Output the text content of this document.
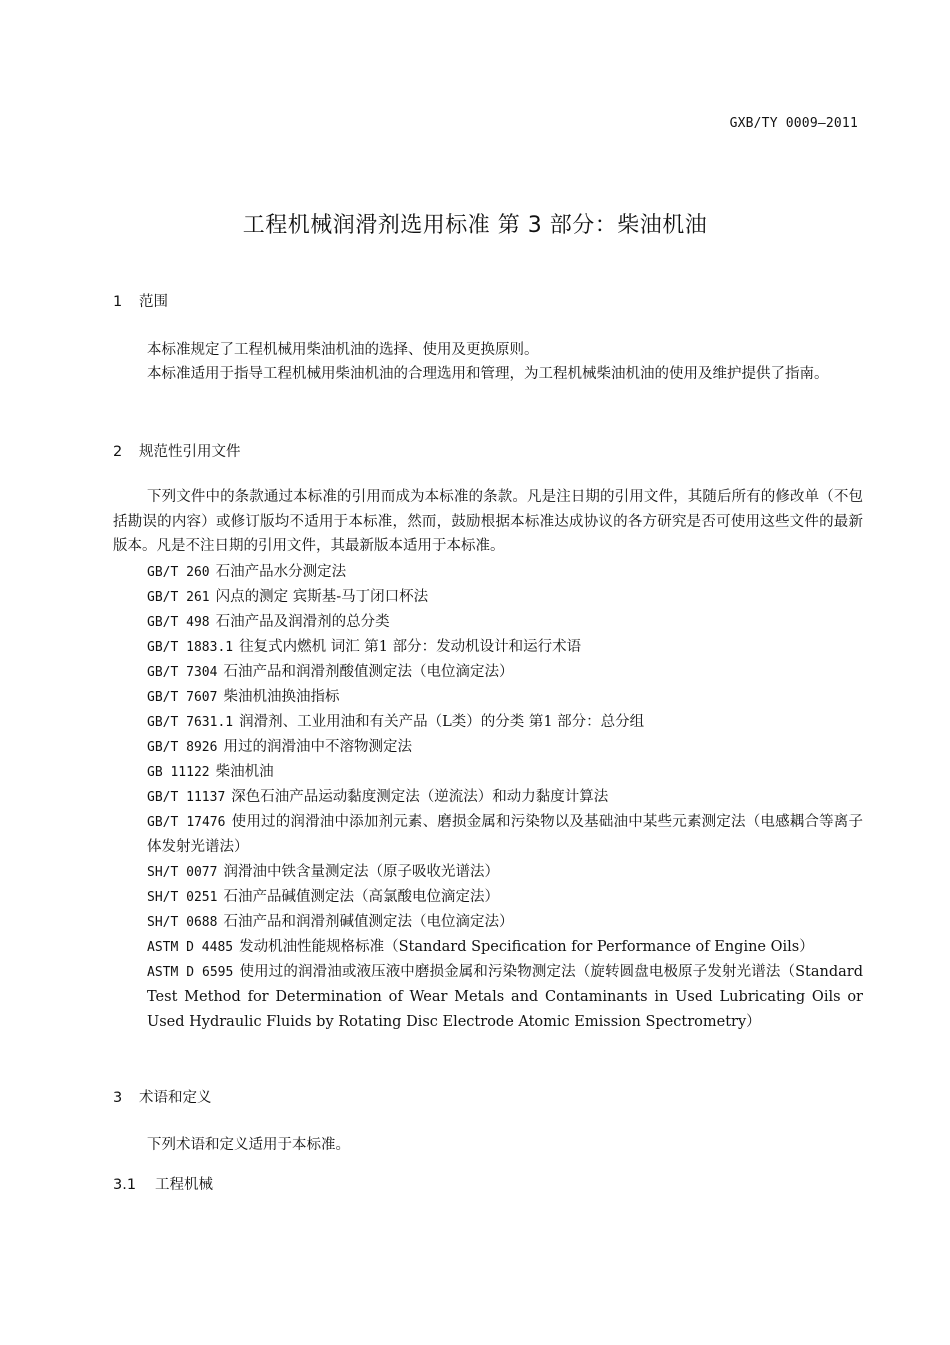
GXB/TY 0009—2011
工程机械润滑剂选用标准 第 3 部分：柴油机油
1 范围
本标准规定了工程机械用柴油机油的选择、使用及更换原则。
本标准适用于指导工程机械用柴油机油的合理选用和管理，为工程机械柴油机油的使用及维护提供了指南。
2 规范性引用文件
下列文件中的条款通过本标准的引用而成为本标准的条款。凡是注日期的引用文件，其随后所有的修改单（不包括勘误的内容）或修订版均不适用于本标准，然而，鼓励根据本标准达成协议的各方研究是否可使用这些文件的最新版本。凡是不注日期的引用文件，其最新版本适用于本标准。
GB/T 260 石油产品水分测定法
GB/T 261 闪点的测定 宾斯基-马丁闭口杯法
GB/T 498 石油产品及润滑剂的总分类
GB/T 1883.1 往复式内燃机 词汇 第1 部分：发动机设计和运行术语
GB/T 7304 石油产品和润滑剂酸值测定法（电位滴定法）
GB/T 7607 柴油机油换油指标
GB/T 7631.1 润滑剂、工业用油和有关产品（L类）的分类 第1 部分：总分组
GB/T 8926 用过的润滑油中不溶物测定法
GB 11122 柴油机油
GB/T 11137 深色石油产品运动黏度测定法（逆流法）和动力黏度计算法
GB/T 17476 使用过的润滑油中添加剂元素、磨损金属和污染物以及基础油中某些元素测定法（电感耦合等离子体发射光谱法）
SH/T 0077 润滑油中铁含量测定法（原子吸收光谱法）
SH/T 0251 石油产品碱值测定法（高氯酸电位滴定法）
SH/T 0688 石油产品和润滑剂碱值测定法（电位滴定法）
ASTM D 4485 发动机油性能规格标准（Standard Specification for Performance of Engine Oils）
ASTM D 6595 使用过的润滑油或液压液中磨损金属和污染物测定法（旋转圆盘电极原子发射光谱法（Standard Test Method for Determination of Wear Metals and Contaminants in Used Lubricating Oils or Used Hydraulic Fluids by Rotating Disc Electrode Atomic Emission Spectrometry）
3 术语和定义
下列术语和定义适用于本标准。
3.1 工程机械
